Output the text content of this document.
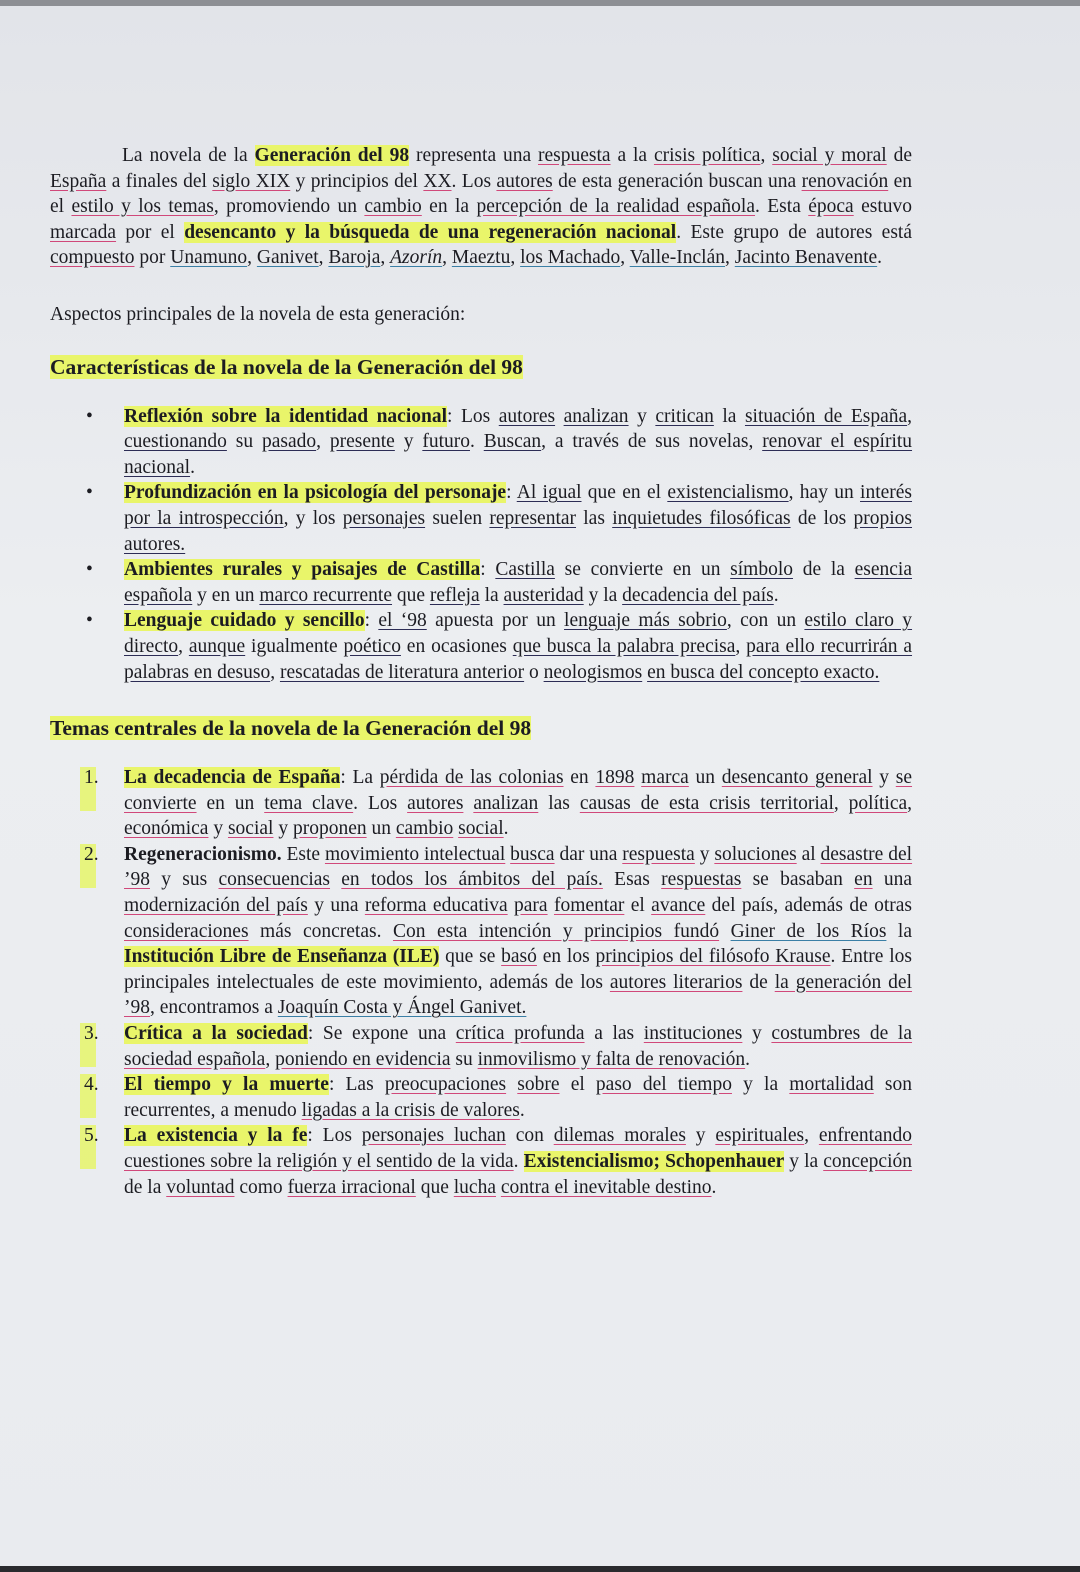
La novela de la Generación del 98 representa una respuesta a la crisis política, social y moral de España a finales del siglo XIX y principios del XX. Los autores de esta generación buscan una renovación en el estilo y los temas, promoviendo un cambio en la percepción de la realidad española. Esta época estuvo marcada por el desencanto y la búsqueda de una regeneración nacional. Este grupo de autores está compuesto por Unamuno, Ganivet, Baroja, Azorín, Maeztu, los Machado, Valle-Inclán, Jacinto Benavente.

Aspectos principales de la novela de esta generación:

Características de la novela de la Generación del 98
• Reflexión sobre la identidad nacional: Los autores analizan y critican la situación de España, cuestionando su pasado, presente y futuro. Buscan, a través de sus novelas, renovar el espíritu nacional.
• Profundización en la psicología del personaje: Al igual que en el existencialismo, hay un interés por la introspección, y los personajes suelen representar las inquietudes filosóficas de los propios autores.
• Ambientes rurales y paisajes de Castilla: Castilla se convierte en un símbolo de la esencia española y en un marco recurrente que refleja la austeridad y la decadencia del país.
• Lenguaje cuidado y sencillo: el ‘98 apuesta por un lenguaje más sobrio, con un estilo claro y directo, aunque igualmente poético en ocasiones que busca la palabra precisa, para ello recurrirán a palabras en desuso, rescatadas de literatura anterior o neologismos en busca del concepto exacto.
Temas centrales de la novela de la Generación del 98
1. La decadencia de España: La pérdida de las colonias en 1898 marca un desencanto general y se convierte en un tema clave. Los autores analizan las causas de esta crisis territorial, política, económica y social y proponen un cambio social.
2. Regeneracionismo. Este movimiento intelectual busca dar una respuesta y soluciones al desastre del ’98 y sus consecuencias en todos los ámbitos del país. Esas respuestas se basaban en una modernización del país y una reforma educativa para fomentar el avance del país, además de otras consideraciones más concretas. Con esta intención y principios fundó Giner de los Ríos la Institución Libre de Enseñanza (ILE) que se basó en los principios del filósofo Krause. Entre los principales intelectuales de este movimiento, además de los autores literarios de la generación del ’98, encontramos a Joaquín Costa y Ángel Ganivet.
3. Crítica a la sociedad: Se expone una crítica profunda a las instituciones y costumbres de la sociedad española, poniendo en evidencia su inmovilismo y falta de renovación.
4. El tiempo y la muerte: Las preocupaciones sobre el paso del tiempo y la mortalidad son recurrentes, a menudo ligadas a la crisis de valores.
5. La existencia y la fe: Los personajes luchan con dilemas morales y espirituales, enfrentando cuestiones sobre la religión y el sentido de la vida. Existencialismo; Schopenhauer y la concepción de la voluntad como fuerza irracional que lucha contra el inevitable destino.
